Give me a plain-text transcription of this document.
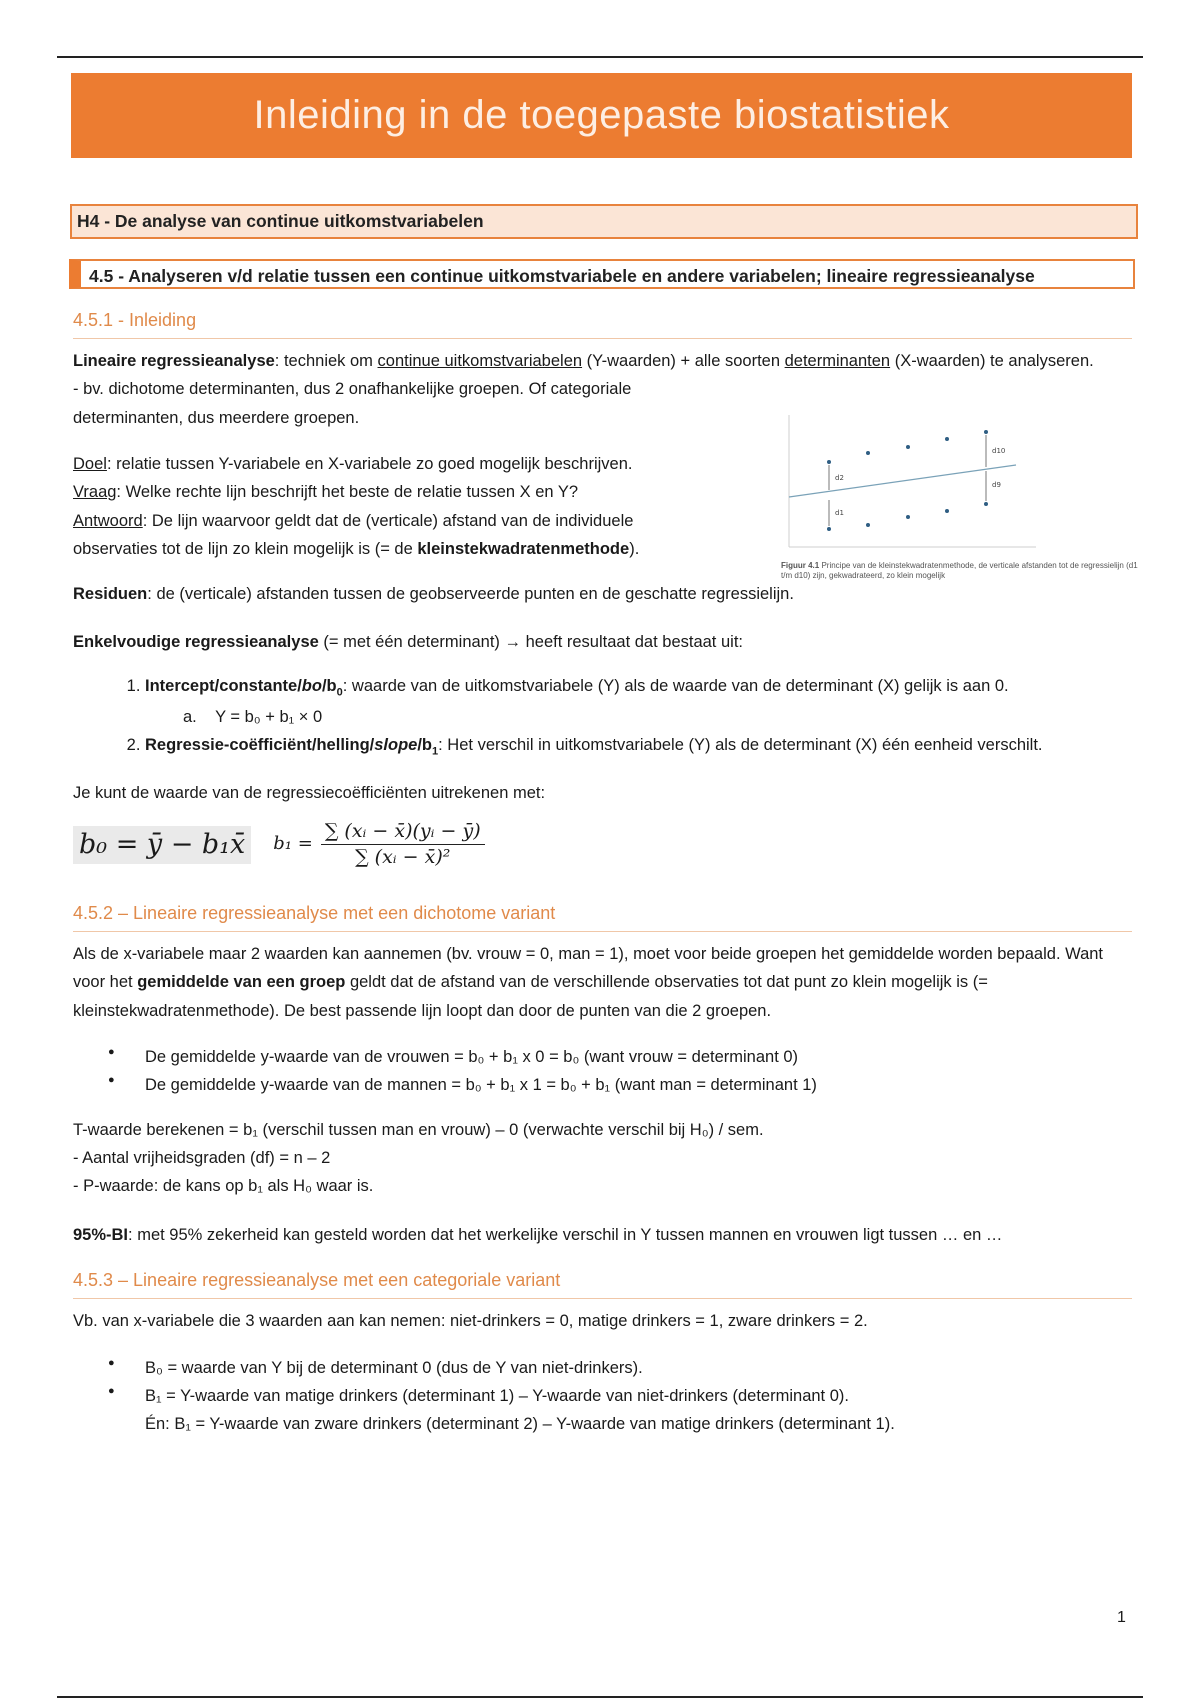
Inleiding in de toegepaste biostatistiek
H4 - De analyse van continue uitkomstvariabelen
4.5 - Analyseren v/d relatie tussen een continue uitkomstvariabele en andere variabelen; lineaire regressieanalyse
4.5.1 - Inleiding

Lineaire regressieanalyse: techniek om continue uitkomstvariabelen (Y-waarden) + alle soorten determinanten (X-waarden) te analyseren.

- bv. dichotome determinanten, dus 2 onafhankelijke groepen. Of categoriale determinanten, dus meerdere groepen.

Doel: relatie tussen Y-variabele en X-variabele zo goed mogelijk beschrijven.

Vraag: Welke rechte lijn beschrijft het beste de relatie tussen X en Y?

Antwoord: De lijn waarvoor geldt dat de (verticale) afstand van de individuele observaties tot de lijn zo klein mogelijk is (= de kleinstekwadratenmethode).

d2
d1
d10
d9
Figuur 4.1 Principe van de kleinstekwadratenmethode, de verticale afstanden tot de regressielijn (d1 t/m d10) zijn, gekwadrateerd, zo klein mogelijk

Residuen: de (verticale) afstanden tussen de geobserveerde punten en de geschatte regressielijn.

Enkelvoudige regressieanalyse (= met één determinant) → heeft resultaat dat bestaat uit:

1. Intercept/$constante/bo/b_0$: waarde van de uitkomstvariabele (Y) als de waarde van de determinant (X) gelijk is aan 0.
a. Y = b₀ + b₁ × 0
2. Regressie-$coëfficiënt/helling/slope/b_1$: Het verschil in uitkomstvariabele (Y) als de determinant (X) één eenheid verschilt.

Je kunt de waarde van de regressiecoëfficiënten uitrekenen met:

b₀ = ȳ − b₁x̄	$b_1 = \frac{\text{∑ (xᵢ − x̄)(yᵢ − ȳ)}}{\text{∑ (xᵢ − x̄)²}}$
4.5.2 – Lineaire regressieanalyse met een dichotome variant

Als de x-variabele maar 2 waarden kan aannemen (bv. vrouw = 0, man = 1), moet voor beide groepen het gemiddelde worden bepaald. Want voor het gemiddelde van een groep geldt dat de afstand van de verschillende observaties tot dat punt zo klein mogelijk is (= kleinstekwadratenmethode). De best passende lijn loopt dan door de punten van die 2 groepen.

● De gemiddelde y-waarde van de vrouwen = b₀ + b₁ x 0 = b₀ (want vrouw = determinant 0)
● De gemiddelde y-waarde van de mannen = b₀ + b₁ x 1 = b₀ + b₁ (want man = determinant 1)

T-waarde berekenen = b₁ (verschil tussen man en vrouw) – 0 (verwachte verschil bij H₀) / sem.

- Aantal vrijheidsgraden (df) = n – 2

- P-waarde: de kans op b₁ als H₀ waar is.

95%-BI: met 95% zekerheid kan gesteld worden dat het werkelijke verschil in Y tussen mannen en vrouwen ligt tussen … en …

4.5.3 – Lineaire regressieanalyse met een categoriale variant

Vb. van x-variabele die 3 waarden aan kan nemen: niet-drinkers = 0, matige drinkers = 1, zware drinkers = 2.

● B₀ = waarde van Y bij de determinant 0 (dus de Y van niet-drinkers).
● B₁ = Y-waarde van matige drinkers (determinant 1) – Y-waarde van niet-drinkers (determinant 0).
Én: B₁ = Y-waarde van zware drinkers (determinant 2) – Y-waarde van matige drinkers (determinant 1).
1
